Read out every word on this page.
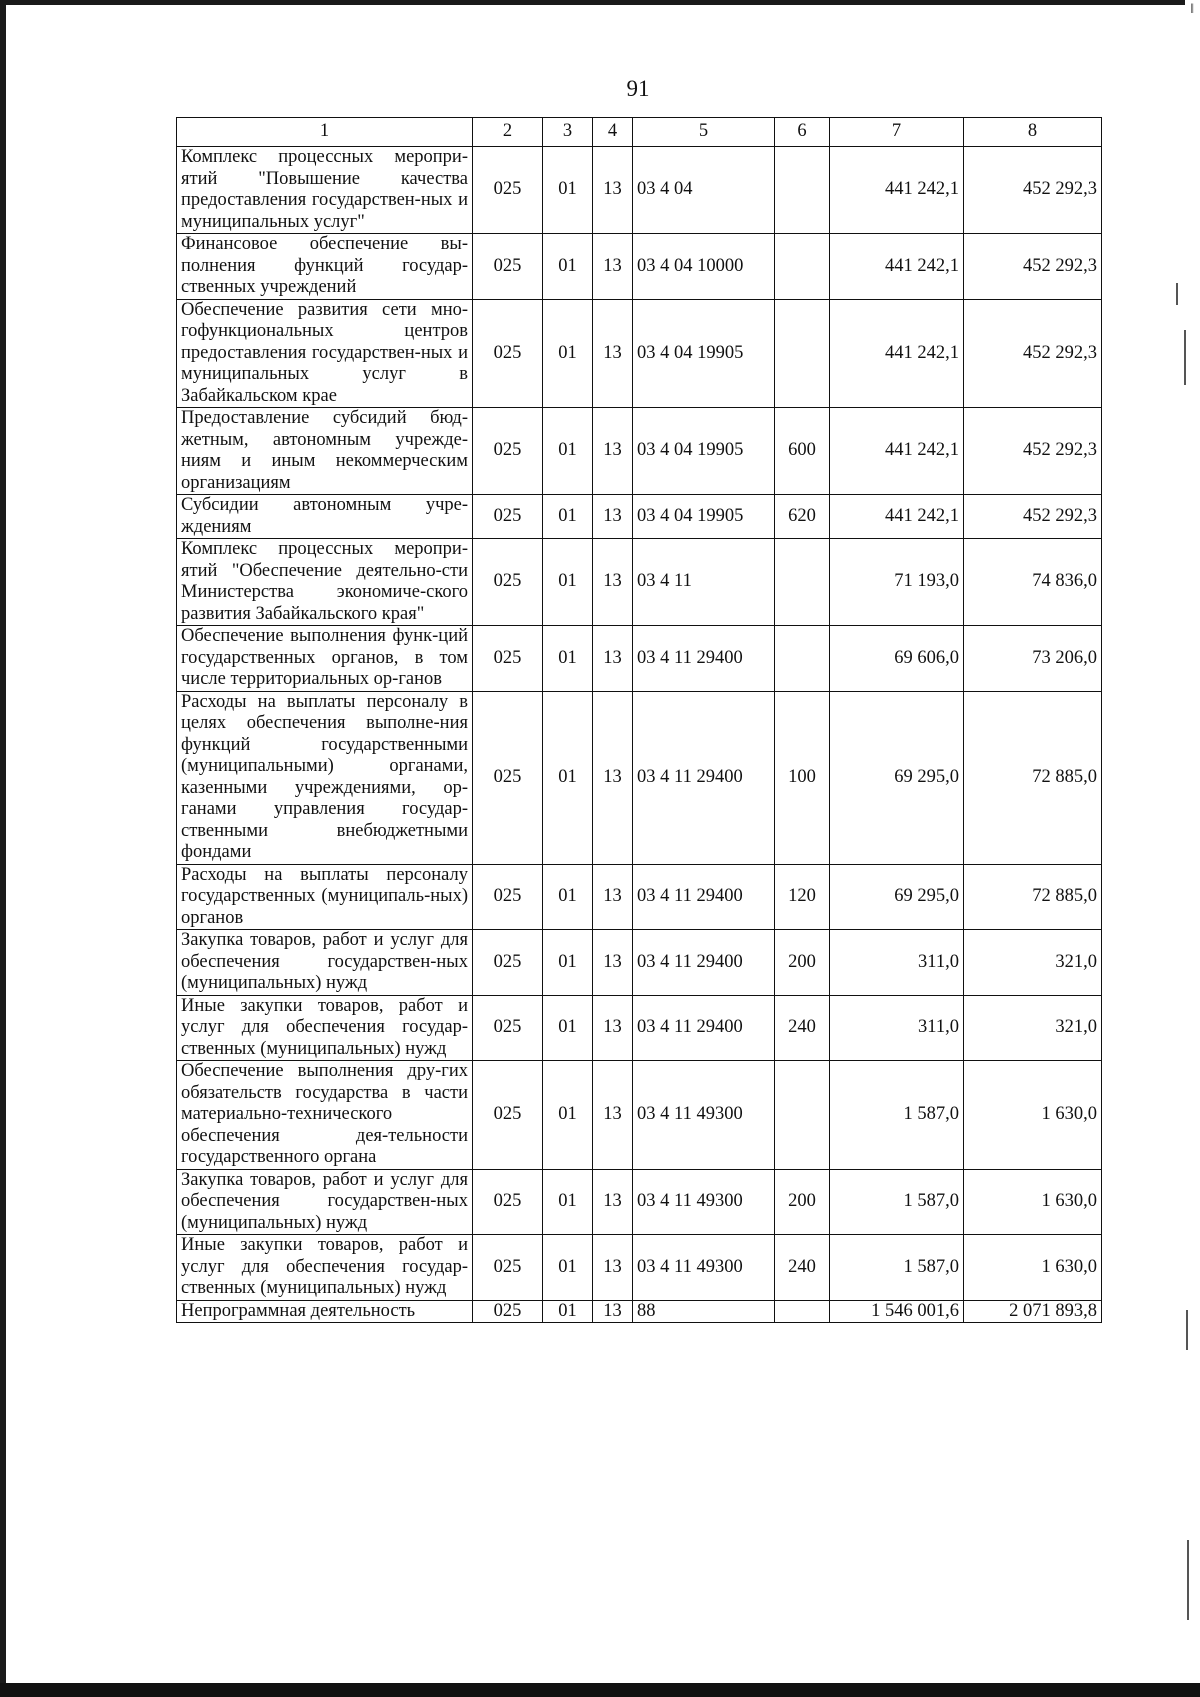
‖
91
1	2	3	4	5	6	7	8
Комплекс процессных меропри-ятий "Повышение качества предоставления государствен-ных и муниципальных услуг"	025	01	13	03 4 04		441 242,1	452 292,3
Финансовое обеспечение вы-полнения функций государ-ственных учреждений	025	01	13	03 4 04 10000		441 242,1	452 292,3
Обеспечение развития сети мно-гофункциональных центров предоставления государствен-ных и муниципальных услуг в Забайкальском крае	025	01	13	03 4 04 19905		441 242,1	452 292,3
Предоставление субсидий бюд-жетным, автономным учрежде-ниям и иным некоммерческим организациям	025	01	13	03 4 04 19905	600	441 242,1	452 292,3
Субсидии автономным учре-ждениям	025	01	13	03 4 04 19905	620	441 242,1	452 292,3
Комплекс процессных меропри-ятий "Обеспечение деятельно-сти Министерства экономиче-ского развития Забайкальского края"	025	01	13	03 4 11		71 193,0	74 836,0
Обеспечение выполнения функ-ций государственных органов, в том числе территориальных ор-ганов	025	01	13	03 4 11 29400		69 606,0	73 206,0
Расходы на выплаты персоналу в целях обеспечения выполне-ния функций государственными (муниципальными) органами, казенными учреждениями, ор-ганами управления государ-ственными внебюджетными фондами	025	01	13	03 4 11 29400	100	69 295,0	72 885,0
Расходы на выплаты персоналу государственных (муниципаль-ных) органов	025	01	13	03 4 11 29400	120	69 295,0	72 885,0
Закупка товаров, работ и услуг для обеспечения государствен-ных (муниципальных) нужд	025	01	13	03 4 11 29400	200	311,0	321,0
Иные закупки товаров, работ и услуг для обеспечения государ-ственных (муниципальных) нужд	025	01	13	03 4 11 29400	240	311,0	321,0
Обеспечение выполнения дру-гих обязательств государства в части материально-технического обеспечения дея-тельности государственного органа	025	01	13	03 4 11 49300		1 587,0	1 630,0
Закупка товаров, работ и услуг для обеспечения государствен-ных (муниципальных) нужд	025	01	13	03 4 11 49300	200	1 587,0	1 630,0
Иные закупки товаров, работ и услуг для обеспечения государ-ственных (муниципальных) нужд	025	01	13	03 4 11 49300	240	1 587,0	1 630,0
Непрограммная деятельность	025	01	13	88		1 546 001,6	2 071 893,8
